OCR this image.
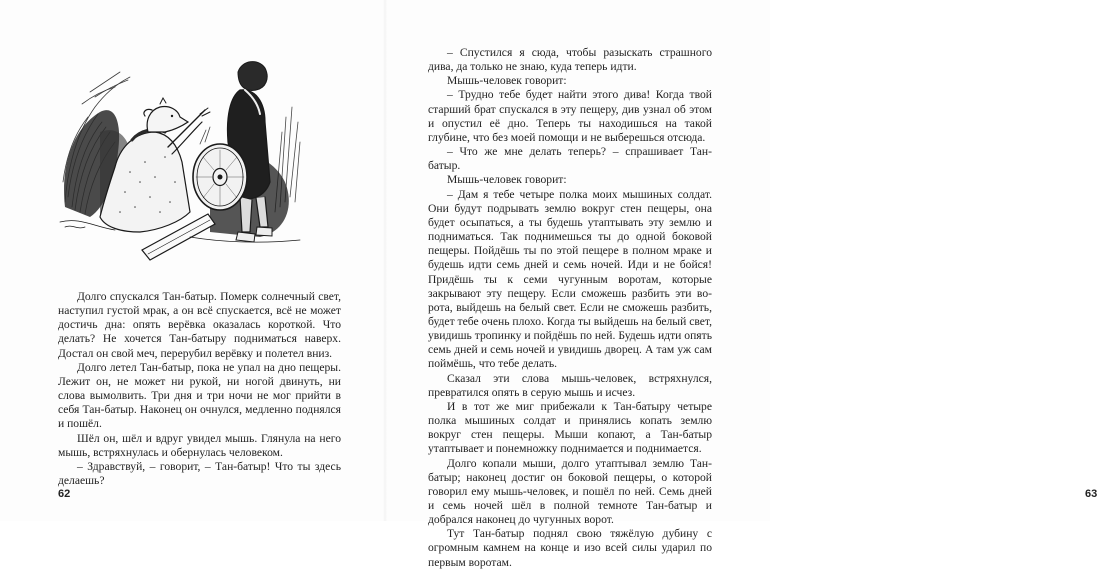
Долго спускался Тан-батыр. Померк солнечный свет, наступил густой мрак, а он всё спускается, всё не может достичь дна: опять верёвка оказалась короткой. Что делать? Не хочется Тан-батыру подниматься наверх. Достал он свой меч, перерубил верёвку и полетел вниз.

Долго летел Тан-батыр, пока не упал на дно пещеры. Лежит он, не может ни рукой, ни ногой двинуть, ни слова вымолвить. Три дня и три ночи не мог прийти в себя Тан-батыр. Наконец он очнулся, медленно поднялся и пошёл.

Шёл он, шёл и вдруг увидел мышь. Глянула на него мышь, встряхнулась и обернулась человеком.

– Здравствуй, – говорит, – Тан-батыр! Что ты здесь делаешь?

62	63

– Спустился я сюда, чтобы разыскать страшного дива, да только не знаю, куда теперь идти.

Мышь-человек говорит:

– Трудно тебе будет найти этого дива! Когда твой старший брат спускался в эту пещеру, див узнал об этом и опустил её дно. Теперь ты находишься на такой глубине, что без моей помощи и не выберешься отсюда.

– Что же мне делать теперь? – спрашивает Тан-батыр.

Мышь-человек говорит:

– Дам я тебе четыре полка моих мышиных солдат. Они будут подрывать землю вокруг стен пещеры, она будет осыпаться, а ты будешь утаптывать эту землю и подниматься. Так поднимешься ты до одной боковой пещеры. Пойдёшь ты по этой пещере в полном мраке и будешь идти семь дней и семь ночей. Иди и не бойся! Придёшь ты к семи чугунным воротам, которые закрывают эту пещеру. Если сможешь разбить эти ворота, выйдешь на белый свет. Если не сможешь разбить, будет тебе очень плохо. Когда ты выйдешь на белый свет, увидишь тропинку и пойдёшь по ней. Будешь идти опять семь дней и семь ночей и увидишь дворец. А там уж сам поймёшь, что тебе делать.

Сказал эти слова мышь-человек, встряхнулся, превратился опять в серую мышь и исчез.

И в тот же миг прибежали к Тан-батыру четыре полка мышиных солдат и принялись копать землю вокруг стен пещеры. Мыши копают, а Тан-батыр утаптывает и понемножку поднимается и поднимается.

Долго копали мыши, долго утаптывал землю Тан-батыр; наконец достиг он боковой пещеры, о которой говорил ему мышь-человек, и пошёл по ней. Семь дней и семь ночей шёл в полной темноте Тан-батыр и добрался наконец до чугунных ворот.

Тут Тан-батыр поднял свою тяжёлую дубину с огромным камнем на конце и изо всей силы ударил по первым воротам.
